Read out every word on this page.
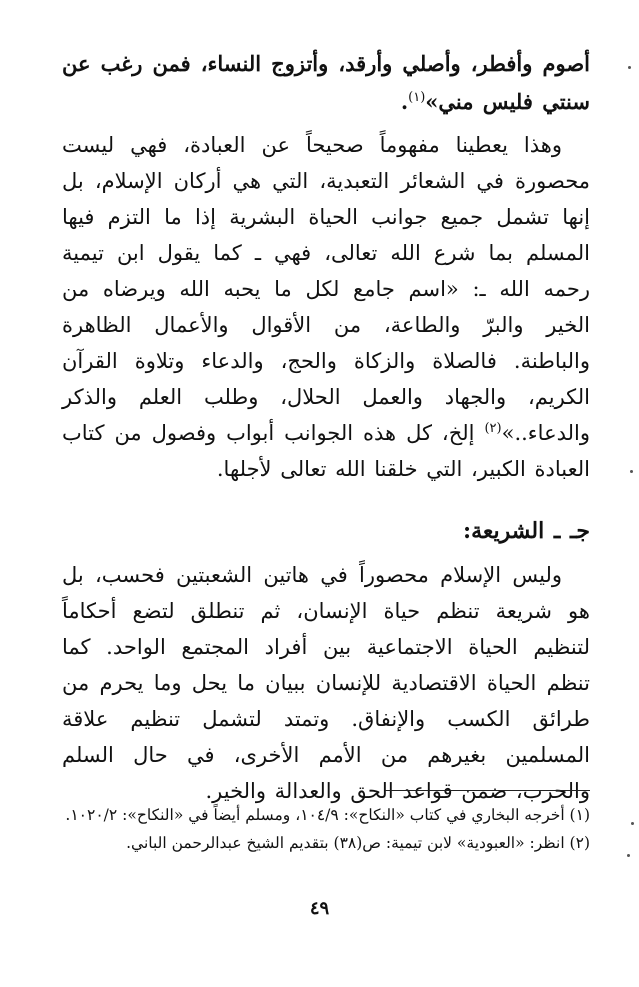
أصوم وأفطر، وأصلي وأرقد، وأتزوج النساء، فمن رغب عن سنتي فليس مني»$^{(١)}$.

وهذا يعطينا مفهوماً صحيحاً عن العبادة، فهي ليست محصورة في الشعائر التعبدية، التي هي أركان الإسلام، بل إنها تشمل جميع جوانب الحياة البشرية إذا ما التزم فيها المسلم بما شرع الله تعالى، فهي ـ كما يقول ابن تيمية رحمه الله ـ: «اسم جامع لكل ما يحبه الله ويرضاه من الخير والبرّ والطاعة، من الأقوال والأعمال الظاهرة والباطنة. فالصلاة والزكاة والحج، والدعاء وتلاوة القرآن الكريم، والجهاد والعمل الحلال، وطلب العلم والذكر والدعاء..»$^{(٢)}$ إلخ، كل هذه الجوانب أبواب وفصول من كتاب العبادة الكبير، التي خلقنا الله تعالى لأجلها.

جـ ـ الشريعة:

وليس الإسلام محصوراً في هاتين الشعبتين فحسب، بل هو شريعة تنظم حياة الإنسان، ثم تنطلق لتضع أحكاماً لتنظيم الحياة الاجتماعية بين أفراد المجتمع الواحد. كما تنظم الحياة الاقتصادية للإنسان ببيان ما يحل وما يحرم من طرائق الكسب والإنفاق. وتمتد لتشمل تنظيم علاقة المسلمين بغيرهم من الأمم الأخرى، في حال السلم والحرب، ضمن قواعد الحق والعدالة والخير.

(١) أخرجه البخاري في كتاب «النكاح»: ١٠٤/٩، ومسلم أيضاً في «النكاح»: ١٠٢٠/٢.

(٢) انظر: «العبودية» لابن تيمية: ص(٣٨) بتقديم الشيخ عبدالرحمن الباني.

٤٩
